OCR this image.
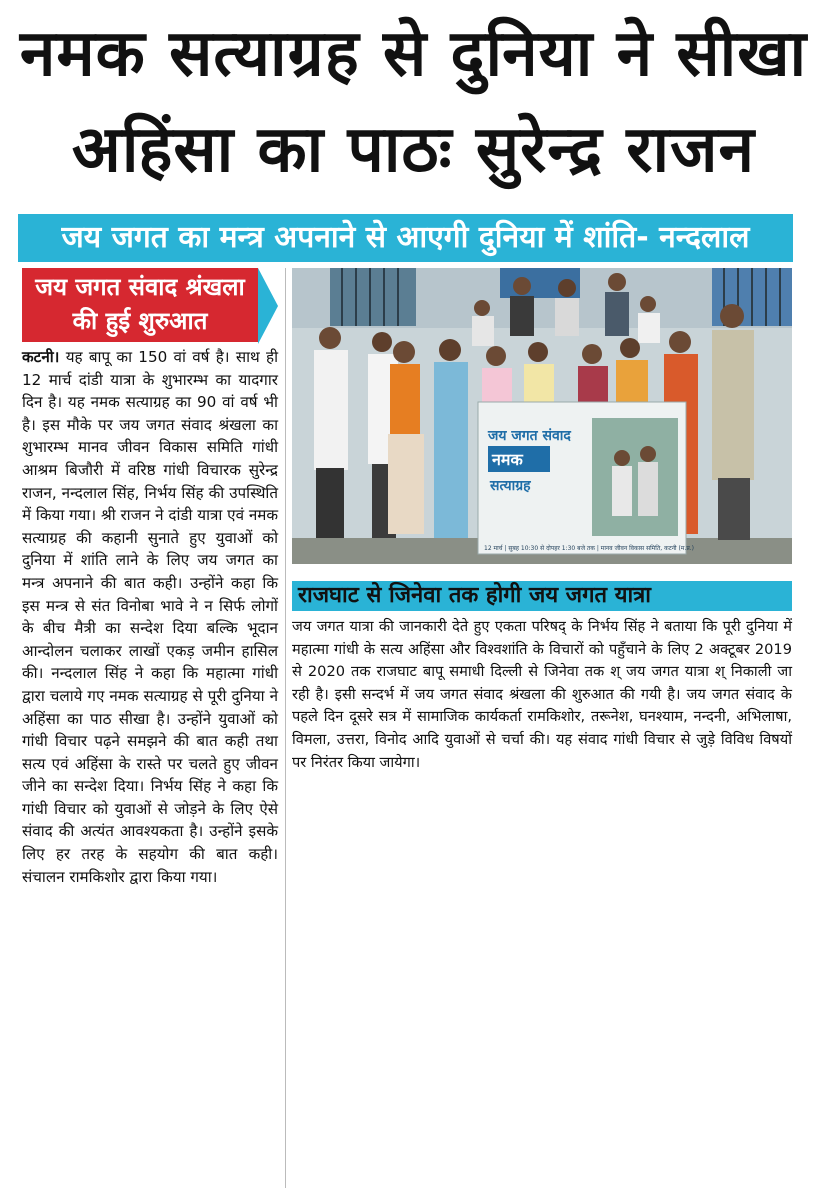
नमक सत्याग्रह से दुनिया ने सीखा
अहिंसा का पाठः सुरेन्द्र राजन
जय जगत का मन्त्र अपनाने से आएगी दुनिया में शांति- नन्दलाल
जय जगत संवाद श्रंखला
की हुई शुरुआत
कटनी। यह बापू का 150 वां वर्ष है। साथ ही 12 मार्च दांडी यात्रा के शुभारम्भ का यादगार दिन है। यह नमक सत्याग्रह का 90 वां वर्ष भी है। इस मौके पर जय जगत संवाद श्रंखला का शुभारम्भ मानव जीवन विकास समिति गांधी आश्रम बिजौरी में वरिष्ठ गांधी विचारक सुरेन्द्र राजन, नन्दलाल सिंह, निर्भय सिंह की उपस्थिति में किया गया। श्री राजन ने दांडी यात्रा एवं नमक सत्याग्रह की कहानी सुनाते हुए युवाओं को दुनिया में शांति लाने के लिए जय जगत का मन्त्र अपनाने की बात कही। उन्होंने कहा कि इस मन्त्र से संत विनोबा भावे ने न सिर्फ लोगों के बीच मैत्री का सन्देश दिया बल्कि भूदान आन्दोलन चलाकर लाखों एकड़ जमीन हासिल की। नन्दलाल सिंह ने कहा कि महात्मा गांधी द्वारा चलाये गए नमक सत्याग्रह से पूरी दुनिया ने अहिंसा का पाठ सीखा है। उन्होंने युवाओं को गांधी विचार पढ़ने समझने की बात कही तथा सत्य एवं अहिंसा के रास्ते पर चलते हुए जीवन जीने का सन्देश दिया। निर्भय सिंह ने कहा कि गांधी विचार को युवाओं से जोड़ने के लिए ऐसे संवाद की अत्यंत आवश्यकता है। उन्होंने इसके लिए हर तरह के सहयोग की बात कही। संचालन रामकिशोर द्वारा किया गया।
जय जगत संवाद
नमक
सत्याग्रह
12 मार्च | सुबह 10:30 से दोपहर 1:30 बजे तक | मानव जीवन विकास समिति, कटनी (म.प्र.)
राजघाट से जिनेवा तक होगी जय जगत यात्रा
जय जगत यात्रा की जानकारी देते हुए एकता परिषद् के निर्भय सिंह ने बताया कि पूरी दुनिया में महात्मा गांधी के सत्य अहिंसा और विश्वशांति के विचारों को पहुँचाने के लिए 2 अक्टूबर 2019 से 2020 तक राजघाट बापू समाधी दिल्ली से जिनेवा तक श् जय जगत यात्रा श् निकाली जा रही है। इसी सन्दर्भ में जय जगत संवाद श्रंखला की शुरुआत की गयी है। जय जगत संवाद के पहले दिन दूसरे सत्र में सामाजिक कार्यकर्ता रामकिशोर, तरूनेश, घनश्याम, नन्दनी, अभिलाषा, विमला, उत्तरा, विनोद आदि युवाओं से चर्चा की। यह संवाद गांधी विचार से जुड़े विविध विषयों पर निरंतर किया जायेगा।
